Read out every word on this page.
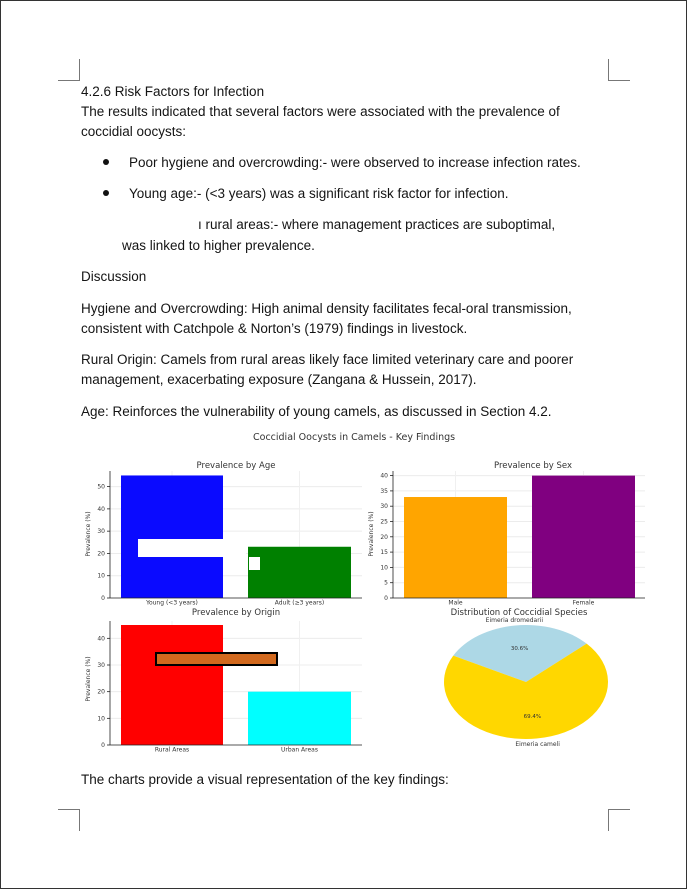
4.2.6 Risk Factors for Infection
The results indicated that several factors were associated with the prevalence of
coccidial oocysts:
Poor hygiene and overcrowding:- were observed to increase infection rates.
Young age:- (<3 years) was a significant risk factor for infection.
ı rural areas:- where management practices are suboptimal,
was linked to higher prevalence.
Discussion
Hygiene and Overcrowding: High animal density facilitates fecal-oral transmission,
consistent with Catchpole & Norton’s (1979) findings in livestock.
Rural Origin: Camels from rural areas likely face limited veterinary care and poorer
management, exacerbating exposure (Zangana & Hussein, 2017).
Age: Reinforces the vulnerability of young camels, as discussed in Section 4.2.
Coccidial Oocysts in Camels - Key Findings
0
10
20
30
40
50
Young (<3 years)	Adult (≥3 years)
Prevalence by Age
Prevalence (%)
0
5
10
15
20
25
30
35
40
Male	Female
Prevalence by Sex
Prevalence (%)
0
10
20
30
40
Rural Areas	Urban Areas
Prevalence by Origin
Prevalence (%)
30.6%
Eimeria dromedarii
69.4%
Eimeria cameli
Distribution of Coccidial Species
The charts provide a visual representation of the key findings:
